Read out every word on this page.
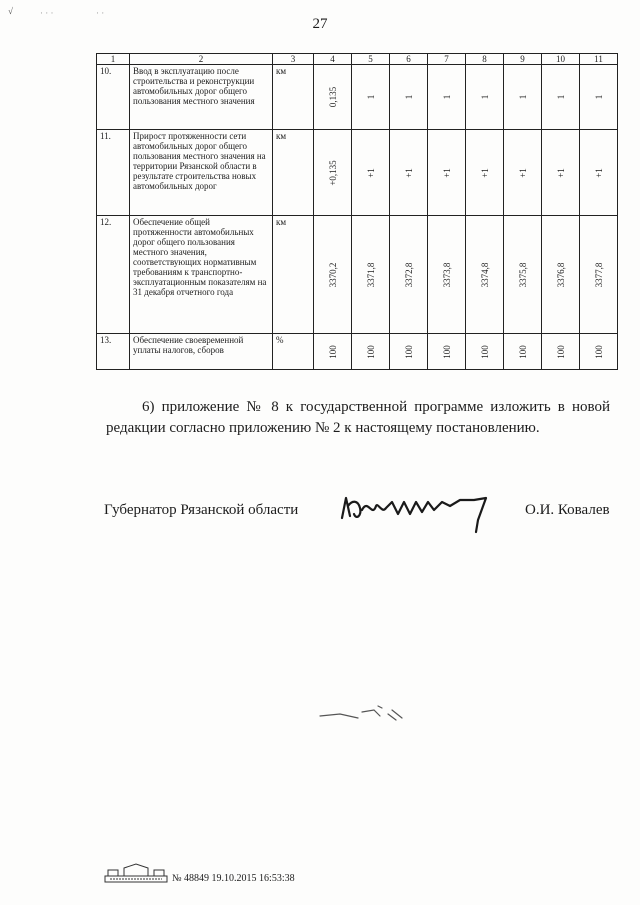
√	· · ·	· ·
27
1	2	3	4	5	6	7	8	9	10	11
10.	Ввод в эксплуатацию после строительства и реконструкции автомобильных дорог общего пользования местного значения	км	0,135	1	1	1	1	1	1	1

11.	Прирост протяженности сети автомобильных дорог общего пользования местного значения на территории Рязанской области в результате строительства новых автомобильных дорог	км	+0,135	+1	+1	+1	+1	+1	+1	+1

12.	Обеспечение общей протяженности автомобильных дорог общего пользования местного значения, соответствующих нормативным требованиям к транспортно-эксплуатационным показателям на 31 декабря отчетного года	км	3370,2	3371,8	3372,8	3373,8	3374,8	3375,8	3376,8	3377,8

13.	Обеспечение своевременной уплаты налогов, сборов	%	100	100	100	100	100	100	100	100
6) приложение № 8 к государственной программе изложить в новой редакции согласно приложению № 2 к настоящему постановлению.
Губернатор Рязанской области	О.И. Ковалев
№ 48849 19.10.2015 16:53:38
